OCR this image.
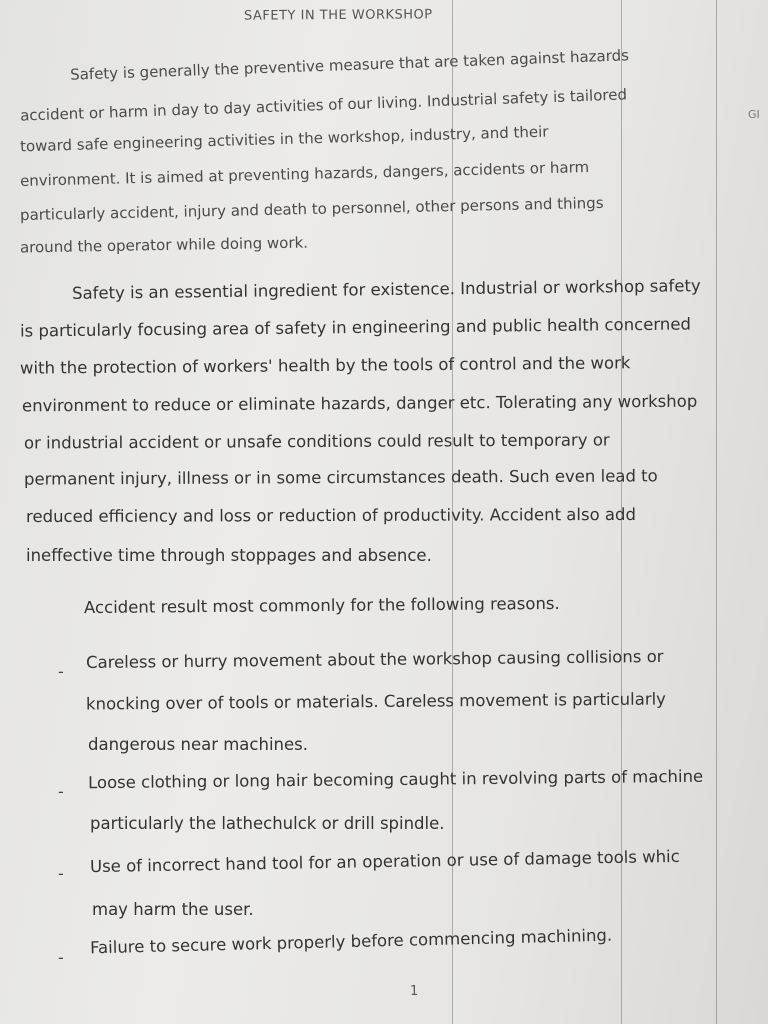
SAFETY IN THE WORKSHOP
Safety is generally the preventive measure that are taken against hazards
accident or harm in day to day activities of our living. Industrial safety is tailored
toward safe engineering activities in the workshop, industry, and their
environment. It is aimed at preventing hazards, dangers, accidents or harm
particularly accident, injury and death to personnel, other persons and things
around the operator while doing work.
Safety is an essential ingredient for existence. Industrial or workshop safety
is particularly focusing area of safety in engineering and public health concerned
with the protection of workers' health by the tools of control and the work
environment to reduce or eliminate hazards, danger etc. Tolerating any workshop
or industrial accident or unsafe conditions could result to temporary or
permanent injury, illness or in some circumstances death. Such even lead to
reduced efficiency and loss or reduction of productivity. Accident also add
ineffective time through stoppages and absence.
Accident result most commonly for the following reasons.
- Careless or hurry movement about the workshop causing collisions or
knocking over of tools or materials. Careless movement is particularly
dangerous near machines.
- Loose clothing or long hair becoming caught in revolving parts of machine
particularly the lathechulck or drill spindle.
- Use of incorrect hand tool for an operation or use of damage tools whic
may harm the user.
-
Failure to secure work properly before commencing machining.
GI
1
